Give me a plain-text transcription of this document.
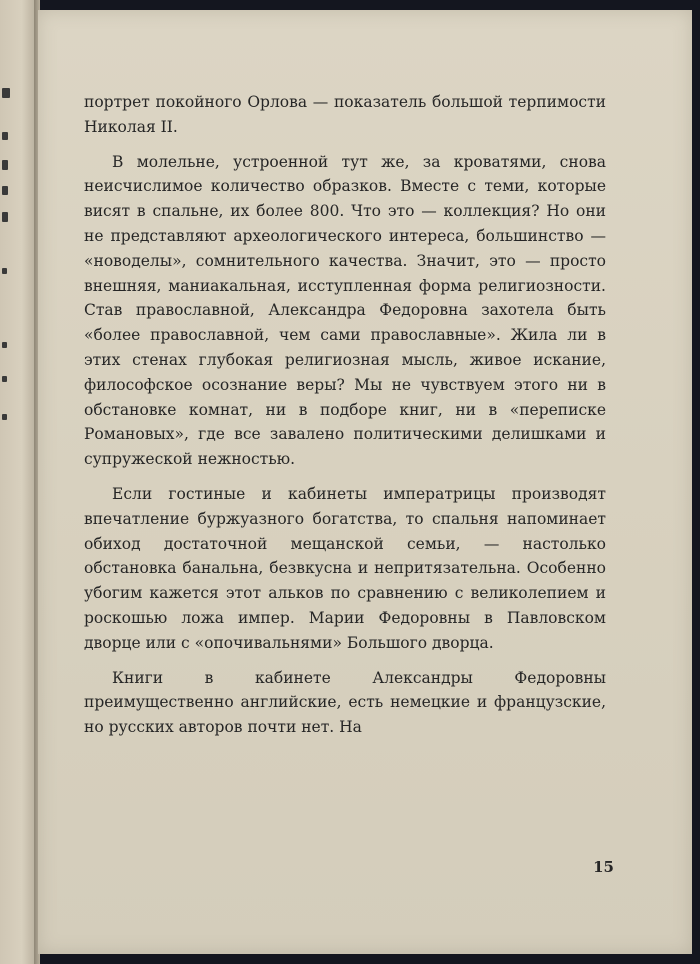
портрет покойного Орлова — показатель большой терпимости Николая II.

В молельне, устроенной тут же, за кроватями, снова неисчислимое количество образков. Вместе с теми, которые висят в спальне, их более 800. Что это — коллекция? Но они не представляют археологического интереса, большинство — «новоделы», сомнительного качества. Значит, это — просто внешняя, маниакальная, исступленная форма религиозности. Став православной, Александра Федоровна захотела быть «более православной, чем сами православные». Жила ли в этих стенах глубокая религиозная мысль, живое искание, философское осознание веры? Мы не чувствуем этого ни в обстановке комнат, ни в подборе книг, ни в «переписке Романовых», где все завалено политическими делишками и супружеской нежностью.

Если гостиные и кабинеты императрицы производят впечатление буржуазного богатства, то спальня напоминает обиход достаточной мещанской семьи, — настолько обстановка банальна, безвкусна и непритязательна. Особенно убогим кажется этот альков по сравнению с великолепием и роскошью ложа импер. Марии Федоровны в Павловском дворце или с «опочивальнями» Большого дворца.

Книги в кабинете Александры Федоровны преимущественно английские, есть немецкие и французские, но русских авторов почти нет. На

15
